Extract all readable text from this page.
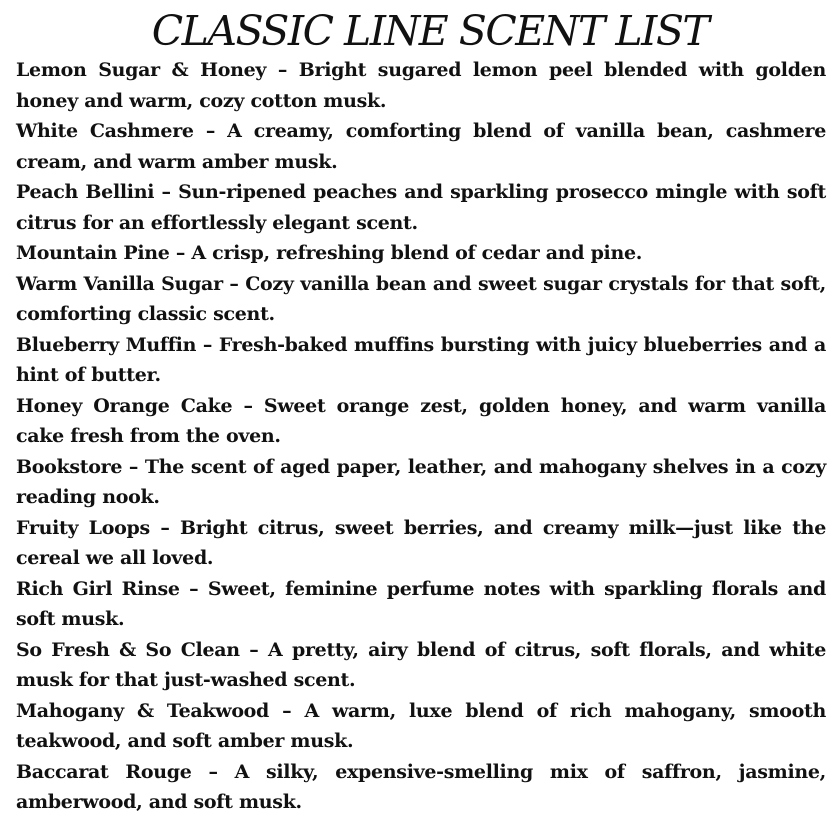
CLASSIC LINE SCENT LIST

Lemon Sugar & Honey – Bright sugared lemon peel blended with golden honey and warm, cozy cotton musk.

White Cashmere – A creamy, comforting blend of vanilla bean, cashmere cream, and warm amber musk.

Peach Bellini – Sun-ripened peaches and sparkling prosecco mingle with soft citrus for an effortlessly elegant scent.

Mountain Pine – A crisp, refreshing blend of cedar and pine.

Warm Vanilla Sugar – Cozy vanilla bean and sweet sugar crystals for that soft, comforting classic scent.

Blueberry Muffin – Fresh-baked muffins bursting with juicy blueberries and a hint of butter.

Honey Orange Cake – Sweet orange zest, golden honey, and warm vanilla cake fresh from the oven.

Bookstore – The scent of aged paper, leather, and mahogany shelves in a cozy reading nook.

Fruity Loops – Bright citrus, sweet berries, and creamy milk—just like the cereal we all loved.

Rich Girl Rinse – Sweet, feminine perfume notes with sparkling florals and soft musk.

So Fresh & So Clean – A pretty, airy blend of citrus, soft florals, and white musk for that just-washed scent.

Mahogany & Teakwood – A warm, luxe blend of rich mahogany, smooth teakwood, and soft amber musk.

Baccarat Rouge – A silky, expensive-smelling mix of saffron, jasmine, amberwood, and soft musk.
